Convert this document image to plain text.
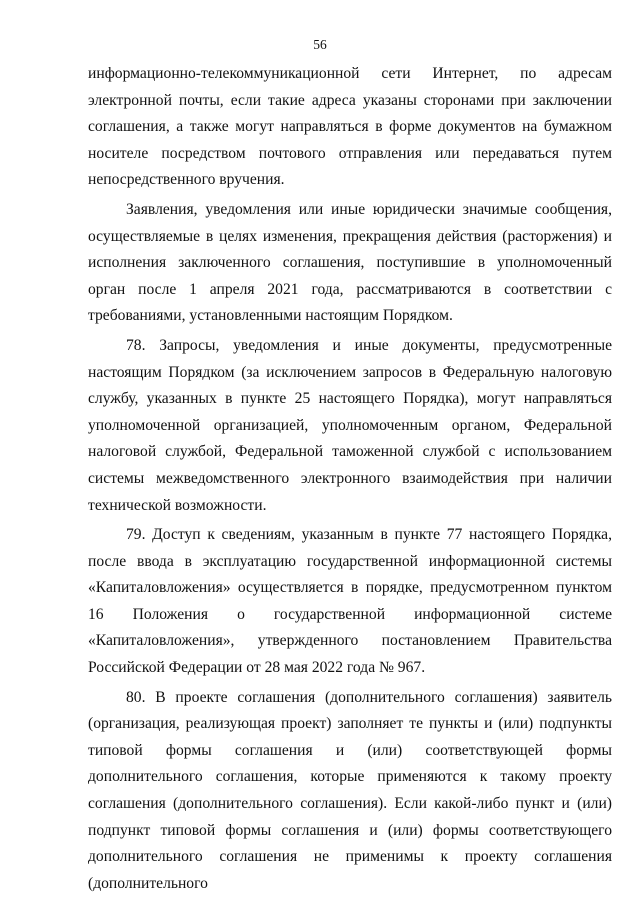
56

информационно-телекоммуникационной сети Интернет, по адресам электронной почты, если такие адреса указаны сторонами при заключении соглашения, а также могут направляться в форме документов на бумажном носителе посредством почтового отправления или передаваться путем непосредственного вручения.

Заявления, уведомления или иные юридически значимые сообщения, осуществляемые в целях изменения, прекращения действия (расторжения) и исполнения заключенного соглашения, поступившие в уполномоченный орган после 1 апреля 2021 года, рассматриваются в соответствии с требованиями, установленными настоящим Порядком.

78. Запросы, уведомления и иные документы, предусмотренные настоящим Порядком (за исключением запросов в Федеральную налоговую службу, указанных в пункте 25 настоящего Порядка), могут направляться уполномоченной организацией, уполномоченным органом, Федеральной налоговой службой, Федеральной таможенной службой с использованием системы межведомственного электронного взаимодействия при наличии технической возможности.

79. Доступ к сведениям, указанным в пункте 77 настоящего Порядка, после ввода в эксплуатацию государственной информационной системы «Капиталовложения» осуществляется в порядке, предусмотренном пунктом 16 Положения о государственной информационной системе «Капиталовложения», утвержденного постановлением Правительства Российской Федерации от 28 мая 2022 года № 967.

80. В проекте соглашения (дополнительного соглашения) заявитель (организация, реализующая проект) заполняет те пункты и (или) подпункты типовой формы соглашения и (или) соответствующей формы дополнительного соглашения, которые применяются к такому проекту соглашения (дополнительного соглашения). Если какой-либо пункт и (или) подпункт типовой формы соглашения и (или) формы соответствующего дополнительного соглашения не применимы к проекту соглашения (дополнительного
